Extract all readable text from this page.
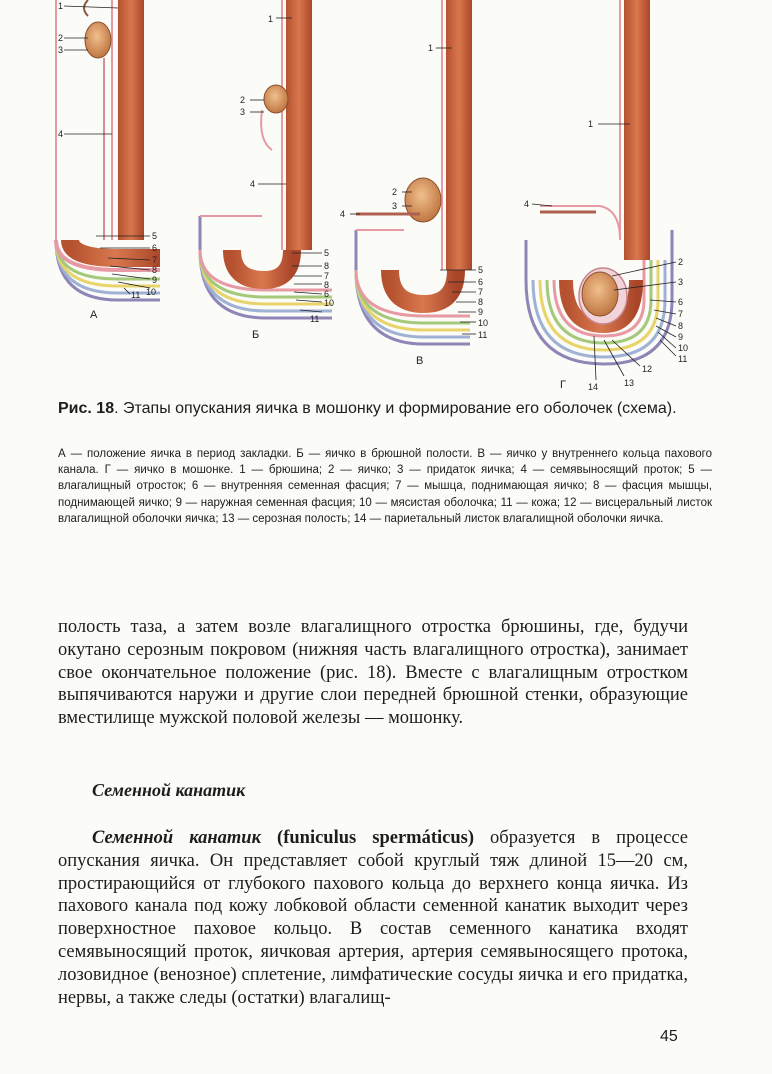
1
2
3
4
5
6
7
8
9
10
11
А
1
2
3
4
5
8
7
8
6
10
11
Б
1
2
3
4
5
6
7
8
9
10
11
В
1
2
3
4
6
7
8
9
10
11
12
13
14
Г
Рис. 18. Этапы опускания яичка в мошонку и формирование его оболочек (схема).
А — положение яичка в период закладки. Б — яичко в брюшной полости. В — яичко у внутреннего кольца пахового канала. Г — яичко в мошонке. 1 — брюшина; 2 — яичко; 3 — придаток яичка; 4 — семявыносящий проток; 5 — влагалищный отросток; 6 — внутренняя семенная фасция; 7 — мышца, поднимающая яичко; 8 — фасция мышцы, поднимающей яичко; 9 — наружная семенная фасция; 10 — мясистая оболочка; 11 — кожа; 12 — висцеральный листок влагалищной оболочки яичка; 13 — серозная полость; 14 — париетальный листок влагалищной оболочки яичка.
полость таза, а затем возле влагалищного отростка брюшины, где, будучи окутано серозным покровом (нижняя часть влагалищного отростка), занимает свое окончательное положение (рис. 18). Вместе с влагалищным отростком выпячиваются наружи и другие слои передней брюшной стенки, образующие вместилище мужской половой железы — мошонку.
Семенной канатик
Семенной канатик (funiculus spermáticus) образуется в процессе опускания яичка. Он представляет собой круглый тяж длиной 15—20 см, простирающийся от глубокого пахового кольца до верхнего конца яичка. Из пахового канала под кожу лобковой области семенной канатик выходит через поверхностное паховое кольцо. В состав семенного канатика входят семявыносящий проток, яичковая артерия, артерия семявыносящего протока, лозовидное (венозное) сплетение, лимфатические сосуды яичка и его придатка, нервы, а также следы (остатки) влагалищ-
45
